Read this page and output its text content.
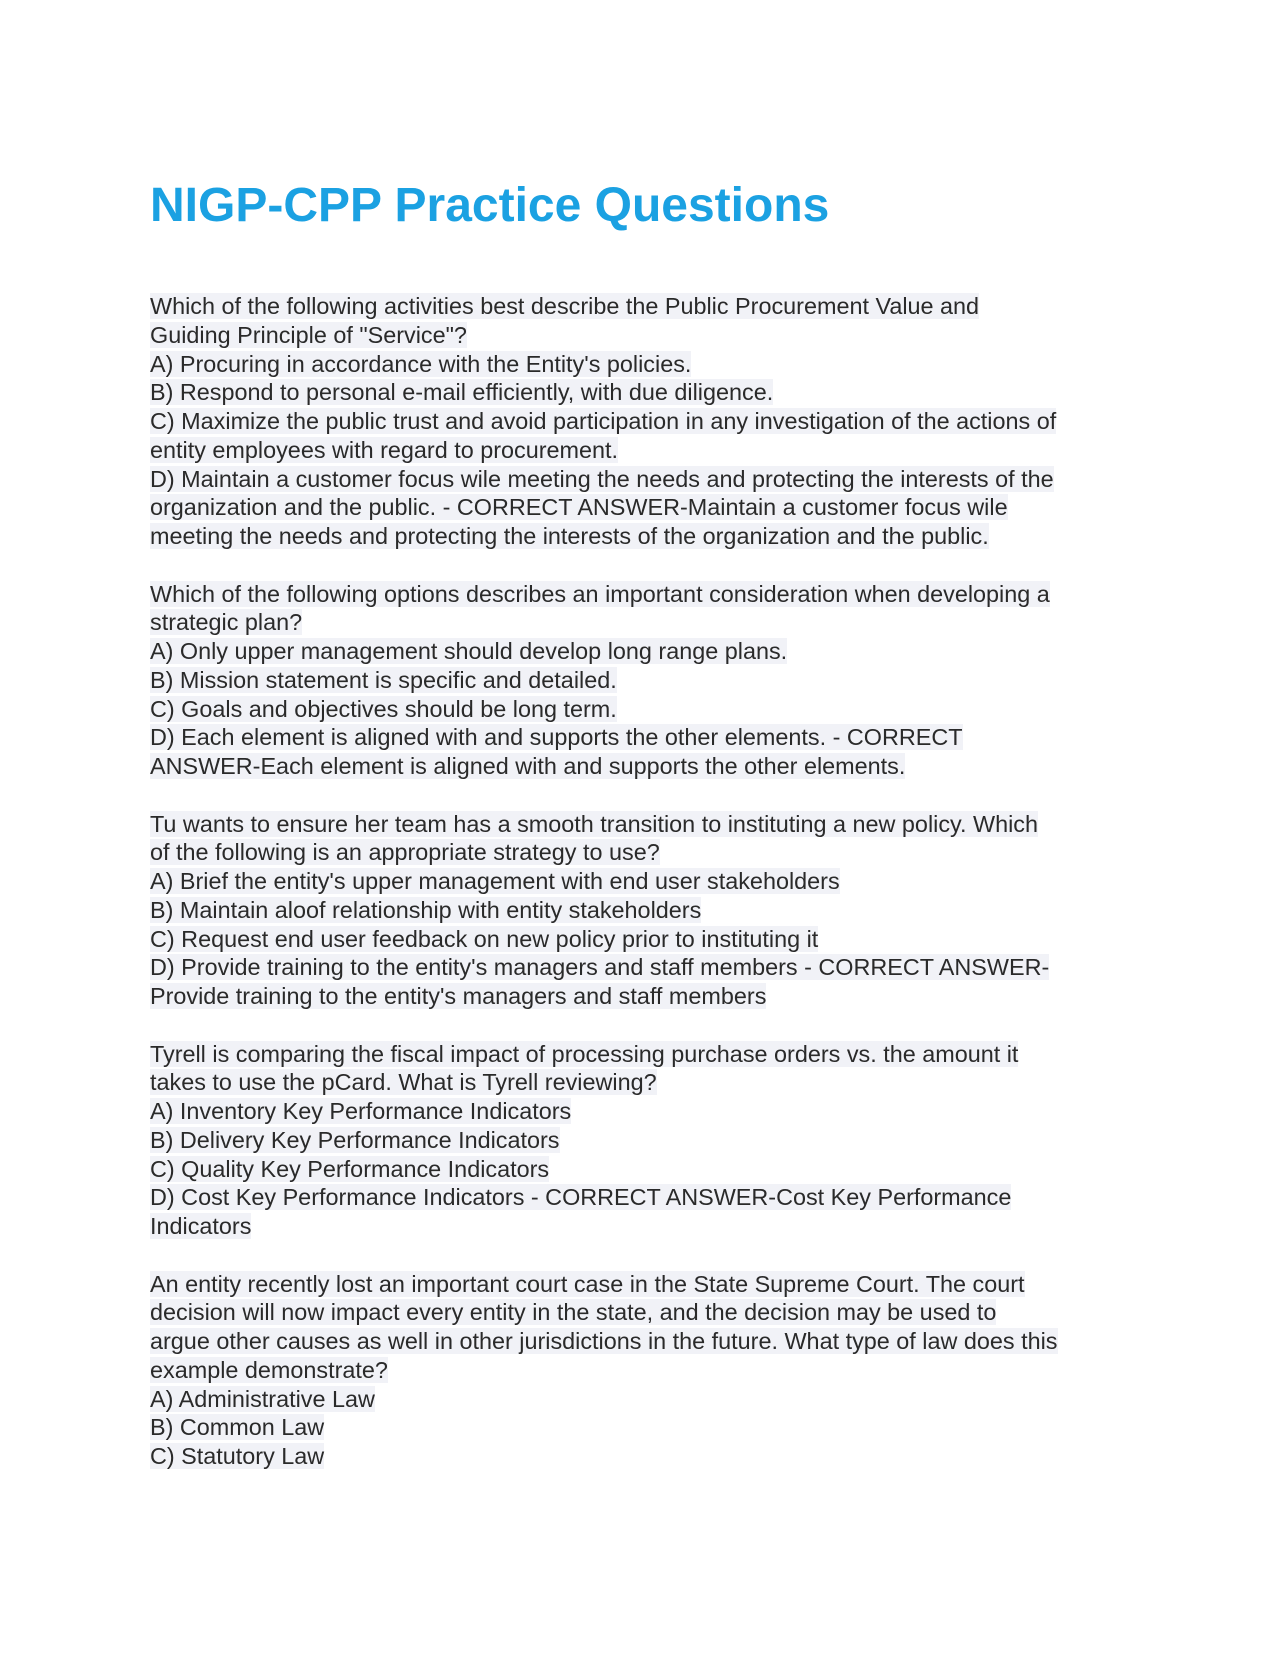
NIGP-CPP Practice Questions
Which of the following activities best describe the Public Procurement Value and
Guiding Principle of "Service"?
A) Procuring in accordance with the Entity's policies.
B) Respond to personal e-mail efficiently, with due diligence.
C) Maximize the public trust and avoid participation in any investigation of the actions of
entity employees with regard to procurement.
D) Maintain a customer focus wile meeting the needs and protecting the interests of the
organization and the public. - CORRECT ANSWER-Maintain a customer focus wile
meeting the needs and protecting the interests of the organization and the public.
Which of the following options describes an important consideration when developing a
strategic plan?
A) Only upper management should develop long range plans.
B) Mission statement is specific and detailed.
C) Goals and objectives should be long term.
D) Each element is aligned with and supports the other elements. - CORRECT
ANSWER-Each element is aligned with and supports the other elements.
Tu wants to ensure her team has a smooth transition to instituting a new policy. Which
of the following is an appropriate strategy to use?
A) Brief the entity's upper management with end user stakeholders
B) Maintain aloof relationship with entity stakeholders
C) Request end user feedback on new policy prior to instituting it
D) Provide training to the entity's managers and staff members - CORRECT ANSWER-
Provide training to the entity's managers and staff members
Tyrell is comparing the fiscal impact of processing purchase orders vs. the amount it
takes to use the pCard. What is Tyrell reviewing?
A) Inventory Key Performance Indicators
B) Delivery Key Performance Indicators
C) Quality Key Performance Indicators
D) Cost Key Performance Indicators - CORRECT ANSWER-Cost Key Performance
Indicators
An entity recently lost an important court case in the State Supreme Court. The court
decision will now impact every entity in the state, and the decision may be used to
argue other causes as well in other jurisdictions in the future. What type of law does this
example demonstrate?
A) Administrative Law
B) Common Law
C) Statutory Law
